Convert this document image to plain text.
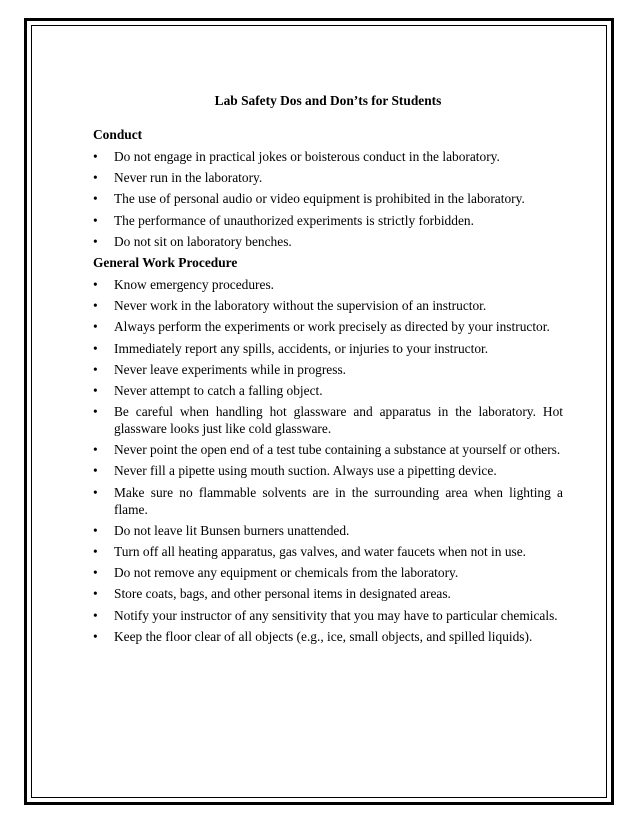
Lab Safety Dos and Don’ts for Students
Conduct
•	Do not engage in practical jokes or boisterous conduct in the laboratory.
•	Never run in the laboratory.
•	The use of personal audio or video equipment is prohibited in the laboratory.
•	The performance of unauthorized experiments is strictly forbidden.
•	Do not sit on laboratory benches.
General Work Procedure
•	Know emergency procedures.
•	Never work in the laboratory without the supervision of an instructor.
•	Always perform the experiments or work precisely as directed by your instructor.
•	Immediately report any spills, accidents, or injuries to your instructor.
•	Never leave experiments while in progress.
•	Never attempt to catch a falling object.
•	Be careful when handling hot glassware and apparatus in the laboratory. Hot glassware looks just like cold glassware.
•	Never point the open end of a test tube containing a substance at yourself or others.
•	Never fill a pipette using mouth suction. Always use a pipetting device.
•	Make sure no flammable solvents are in the surrounding area when lighting a flame.
•	Do not leave lit Bunsen burners unattended.
•	Turn off all heating apparatus, gas valves, and water faucets when not in use.
•	Do not remove any equipment or chemicals from the laboratory.
•	Store coats, bags, and other personal items in designated areas.
•	Notify your instructor of any sensitivity that you may have to particular chemicals.
•	Keep the floor clear of all objects (e.g., ice, small objects, and spilled liquids).
